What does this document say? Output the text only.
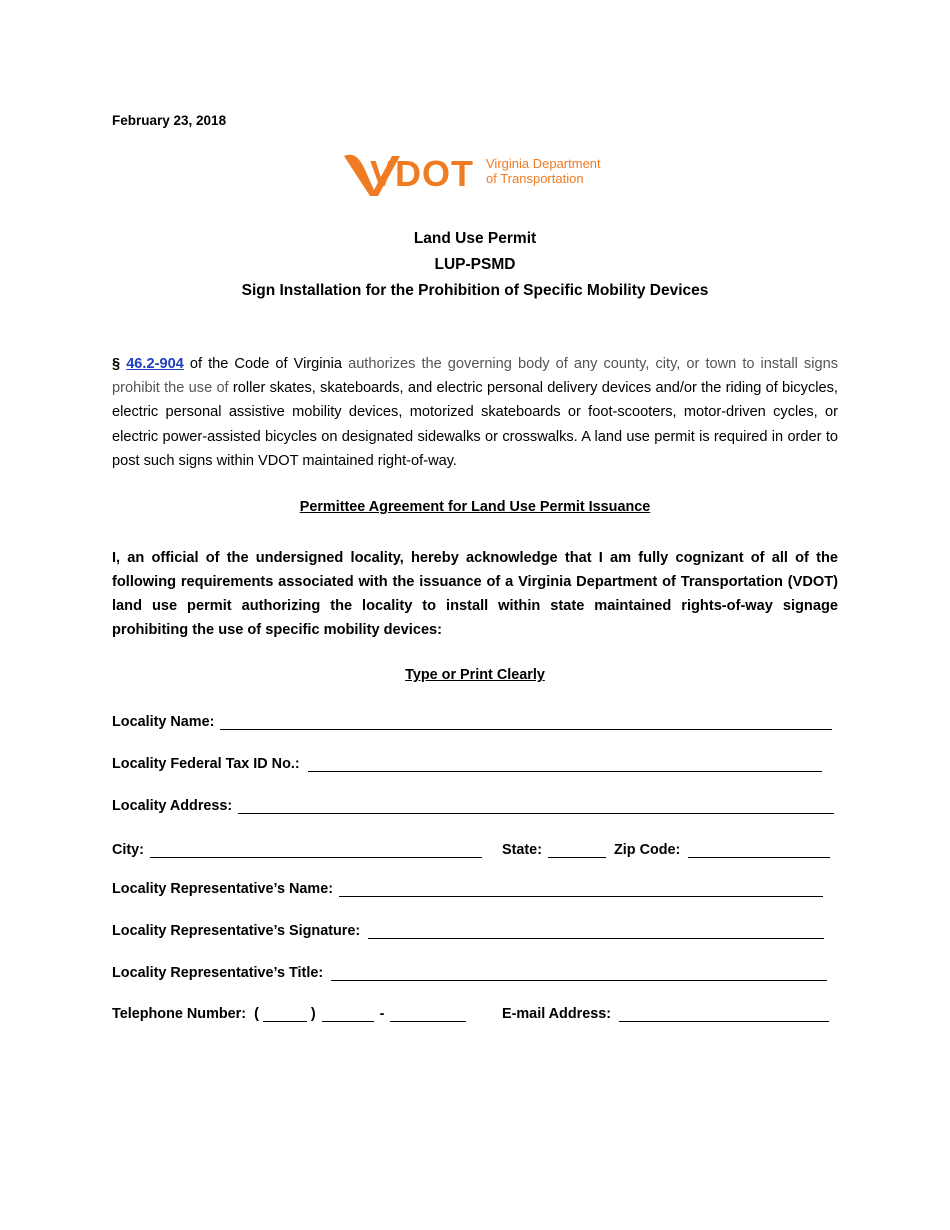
February 23, 2018
VDOT Virginia Department
of Transportation
Land Use Permit
LUP-PSMD
Sign Installation for the Prohibition of Specific Mobility Devices
§ 46.2-904 of the Code of Virginia authorizes the governing body of any county, city, or town to install signs prohibit the use of roller skates, skateboards, and electric personal delivery devices and/or the riding of bicycles, electric personal assistive mobility devices, motorized skateboards or foot-scooters, motor-driven cycles, or electric power-assisted bicycles on designated sidewalks or crosswalks. A land use permit is required in order to post such signs within VDOT maintained right-of-way.
Permittee Agreement for Land Use Permit Issuance
I, an official of the undersigned locality, hereby acknowledge that I am fully cognizant of all of the following requirements associated with the issuance of a Virginia Department of Transportation (VDOT) land use permit authorizing the locality to install within state maintained rights-of-way signage prohibiting the use of specific mobility devices:
Type or Print Clearly
Locality Name:
Locality Federal Tax ID No.:
Locality Address:
City:	State:	Zip Code:
Locality Representative’s Name:
Locality Representative’s Signature:
Locality Representative’s Title:
Telephone Number: (	)	-	E-mail Address:
